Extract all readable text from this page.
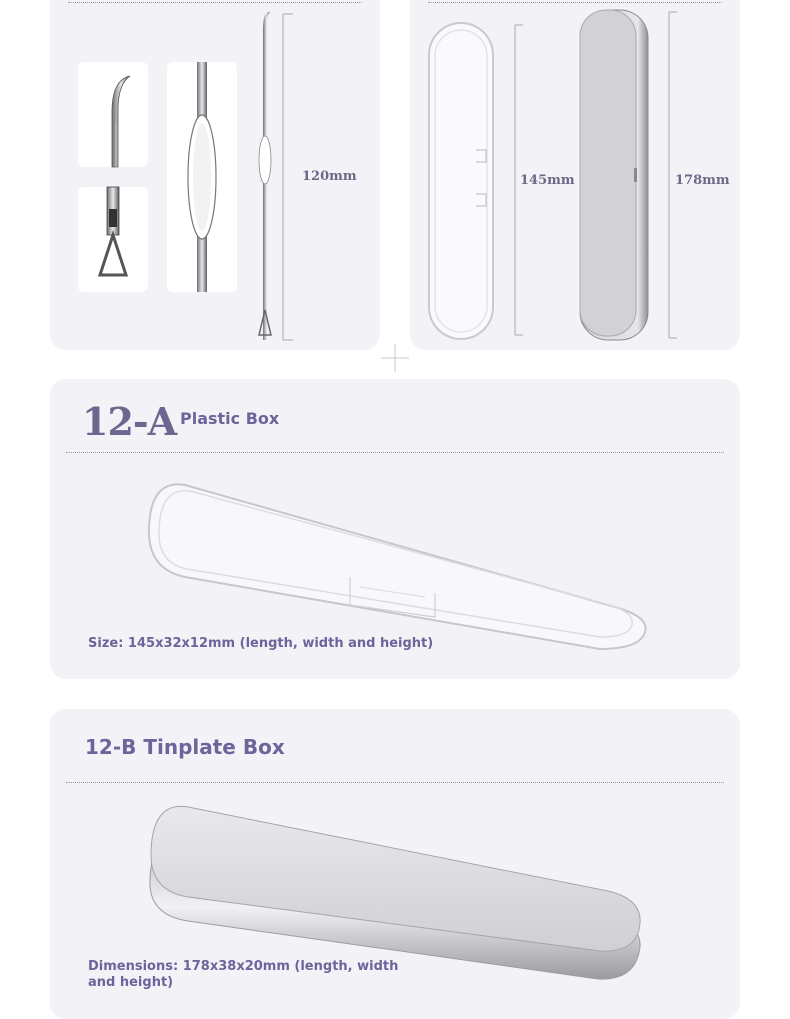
120mm	145mm	178mm
12-A Plastic Box
Size: 145x32x12mm (length, width and height)
12-B Tinplate Box
Dimensions: 178x38x20mm (length, width and height)
